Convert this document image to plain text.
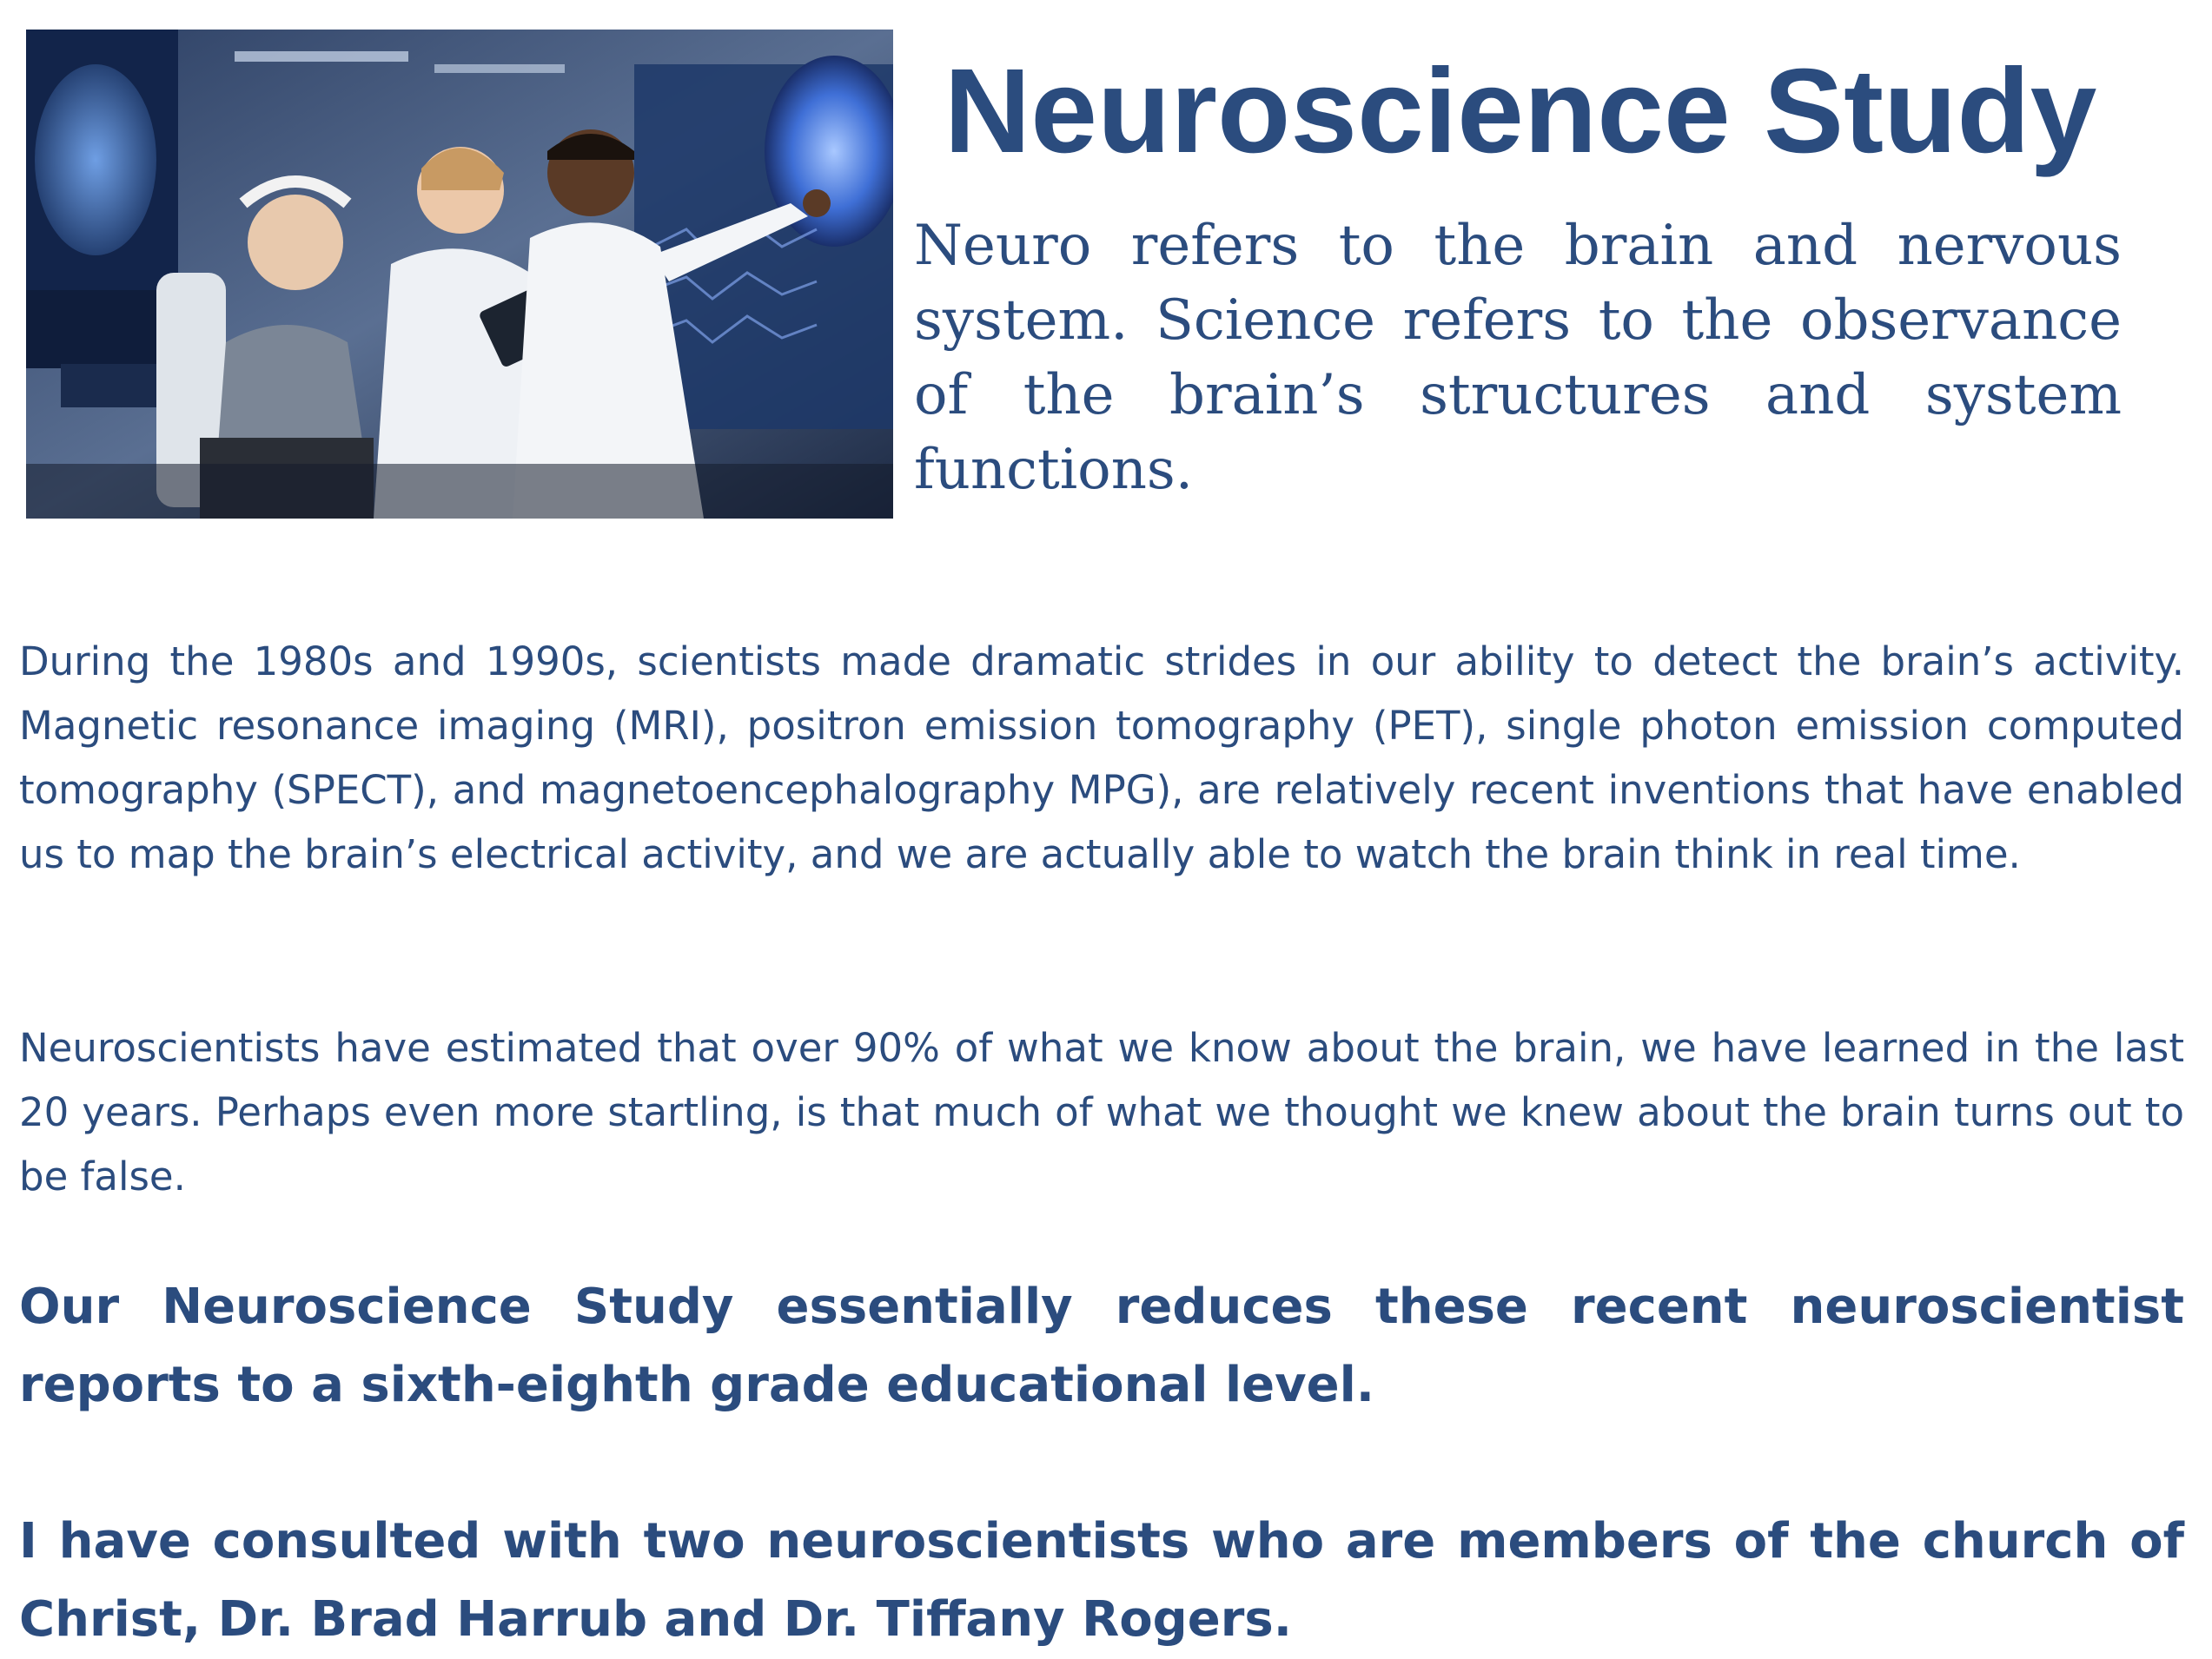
Neuroscience Study

Neuro refers to the brain and nervous system. Science refers to the observance of the brain’s structures and system functions.

During the 1980s and 1990s, scientists made dramatic strides in our ability to detect the brain’s activity. Magnetic resonance imaging (MRI), positron emission tomography (PET), single photon emission computed tomography (SPECT), and magnetoencephalography MPG), are relatively recent inventions that have enabled us to map the brain’s electrical activity, and we are actually able to watch the brain think in real time.

Neuroscientists have estimated that over 90% of what we know about the brain, we have learned in the last 20 years. Perhaps even more startling, is that much of what we thought we knew about the brain turns out to be false.

Our Neuroscience Study essentially reduces these recent neuroscientist reports to a sixth-eighth grade educational level.

I have consulted with two neuroscientists who are members of the church of Christ, Dr. Brad Harrub and Dr. Tiffany Rogers.
